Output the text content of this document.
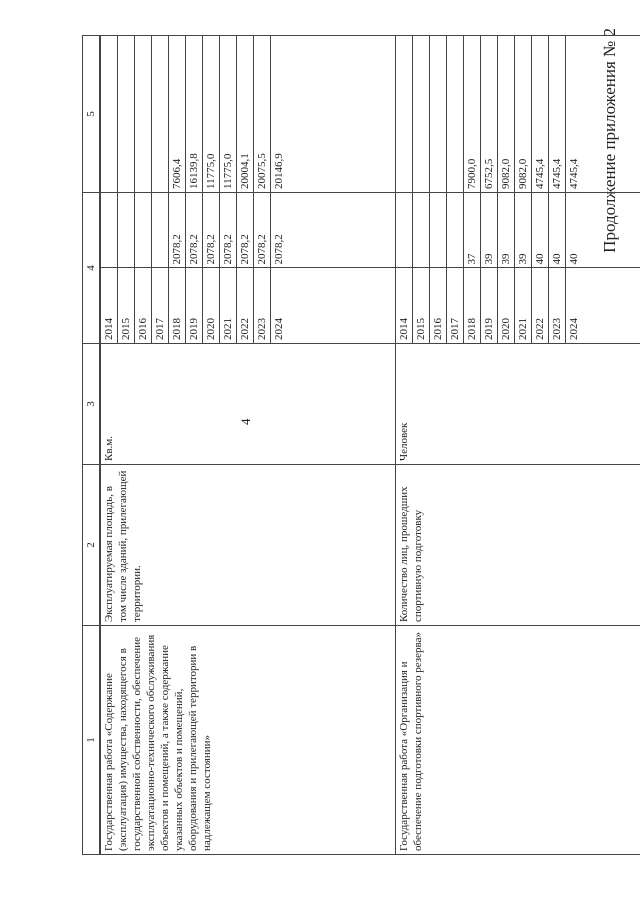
4
Продолжение приложения № 2
1	2	3	4		5

Государственная работа «Содержание (эксплуатация) имущества, находящегося в государственной собственности, обеспечение эксплуатационно-технического обслуживания объектов и помещений, а также содержание указанных объектов и помещений, оборудования и прилегающей территории в надлежащем состоянии»	Эксплуатируемая площадь, в том числе зданий, прилегающей территории.	Кв.м.	2014		
			2015		
			2016		
			2017		
			2018	2078,2	7606,4
			2019	2078,2	16139,8
			2020	2078,2	11775,0
			2021	2078,2	11775,0
			2022	2078,2	20004,1
			2023	2078,2	20075,5
			2024	2078,2	20146,9
Государственная работа «Организация и обеспечение подготовки спортивного резерва»	Количество лиц, прошедших спортивную подготовку	Человек	2014		
			2015		
			2016		
			2017		
			2018	37	7900,0
			2019	39	6752,5
			2020	39	9082,0
			2021	39	9082,0
			2022	40	4745,4
			2023	40	4745,4
			2024	40	4745,4
